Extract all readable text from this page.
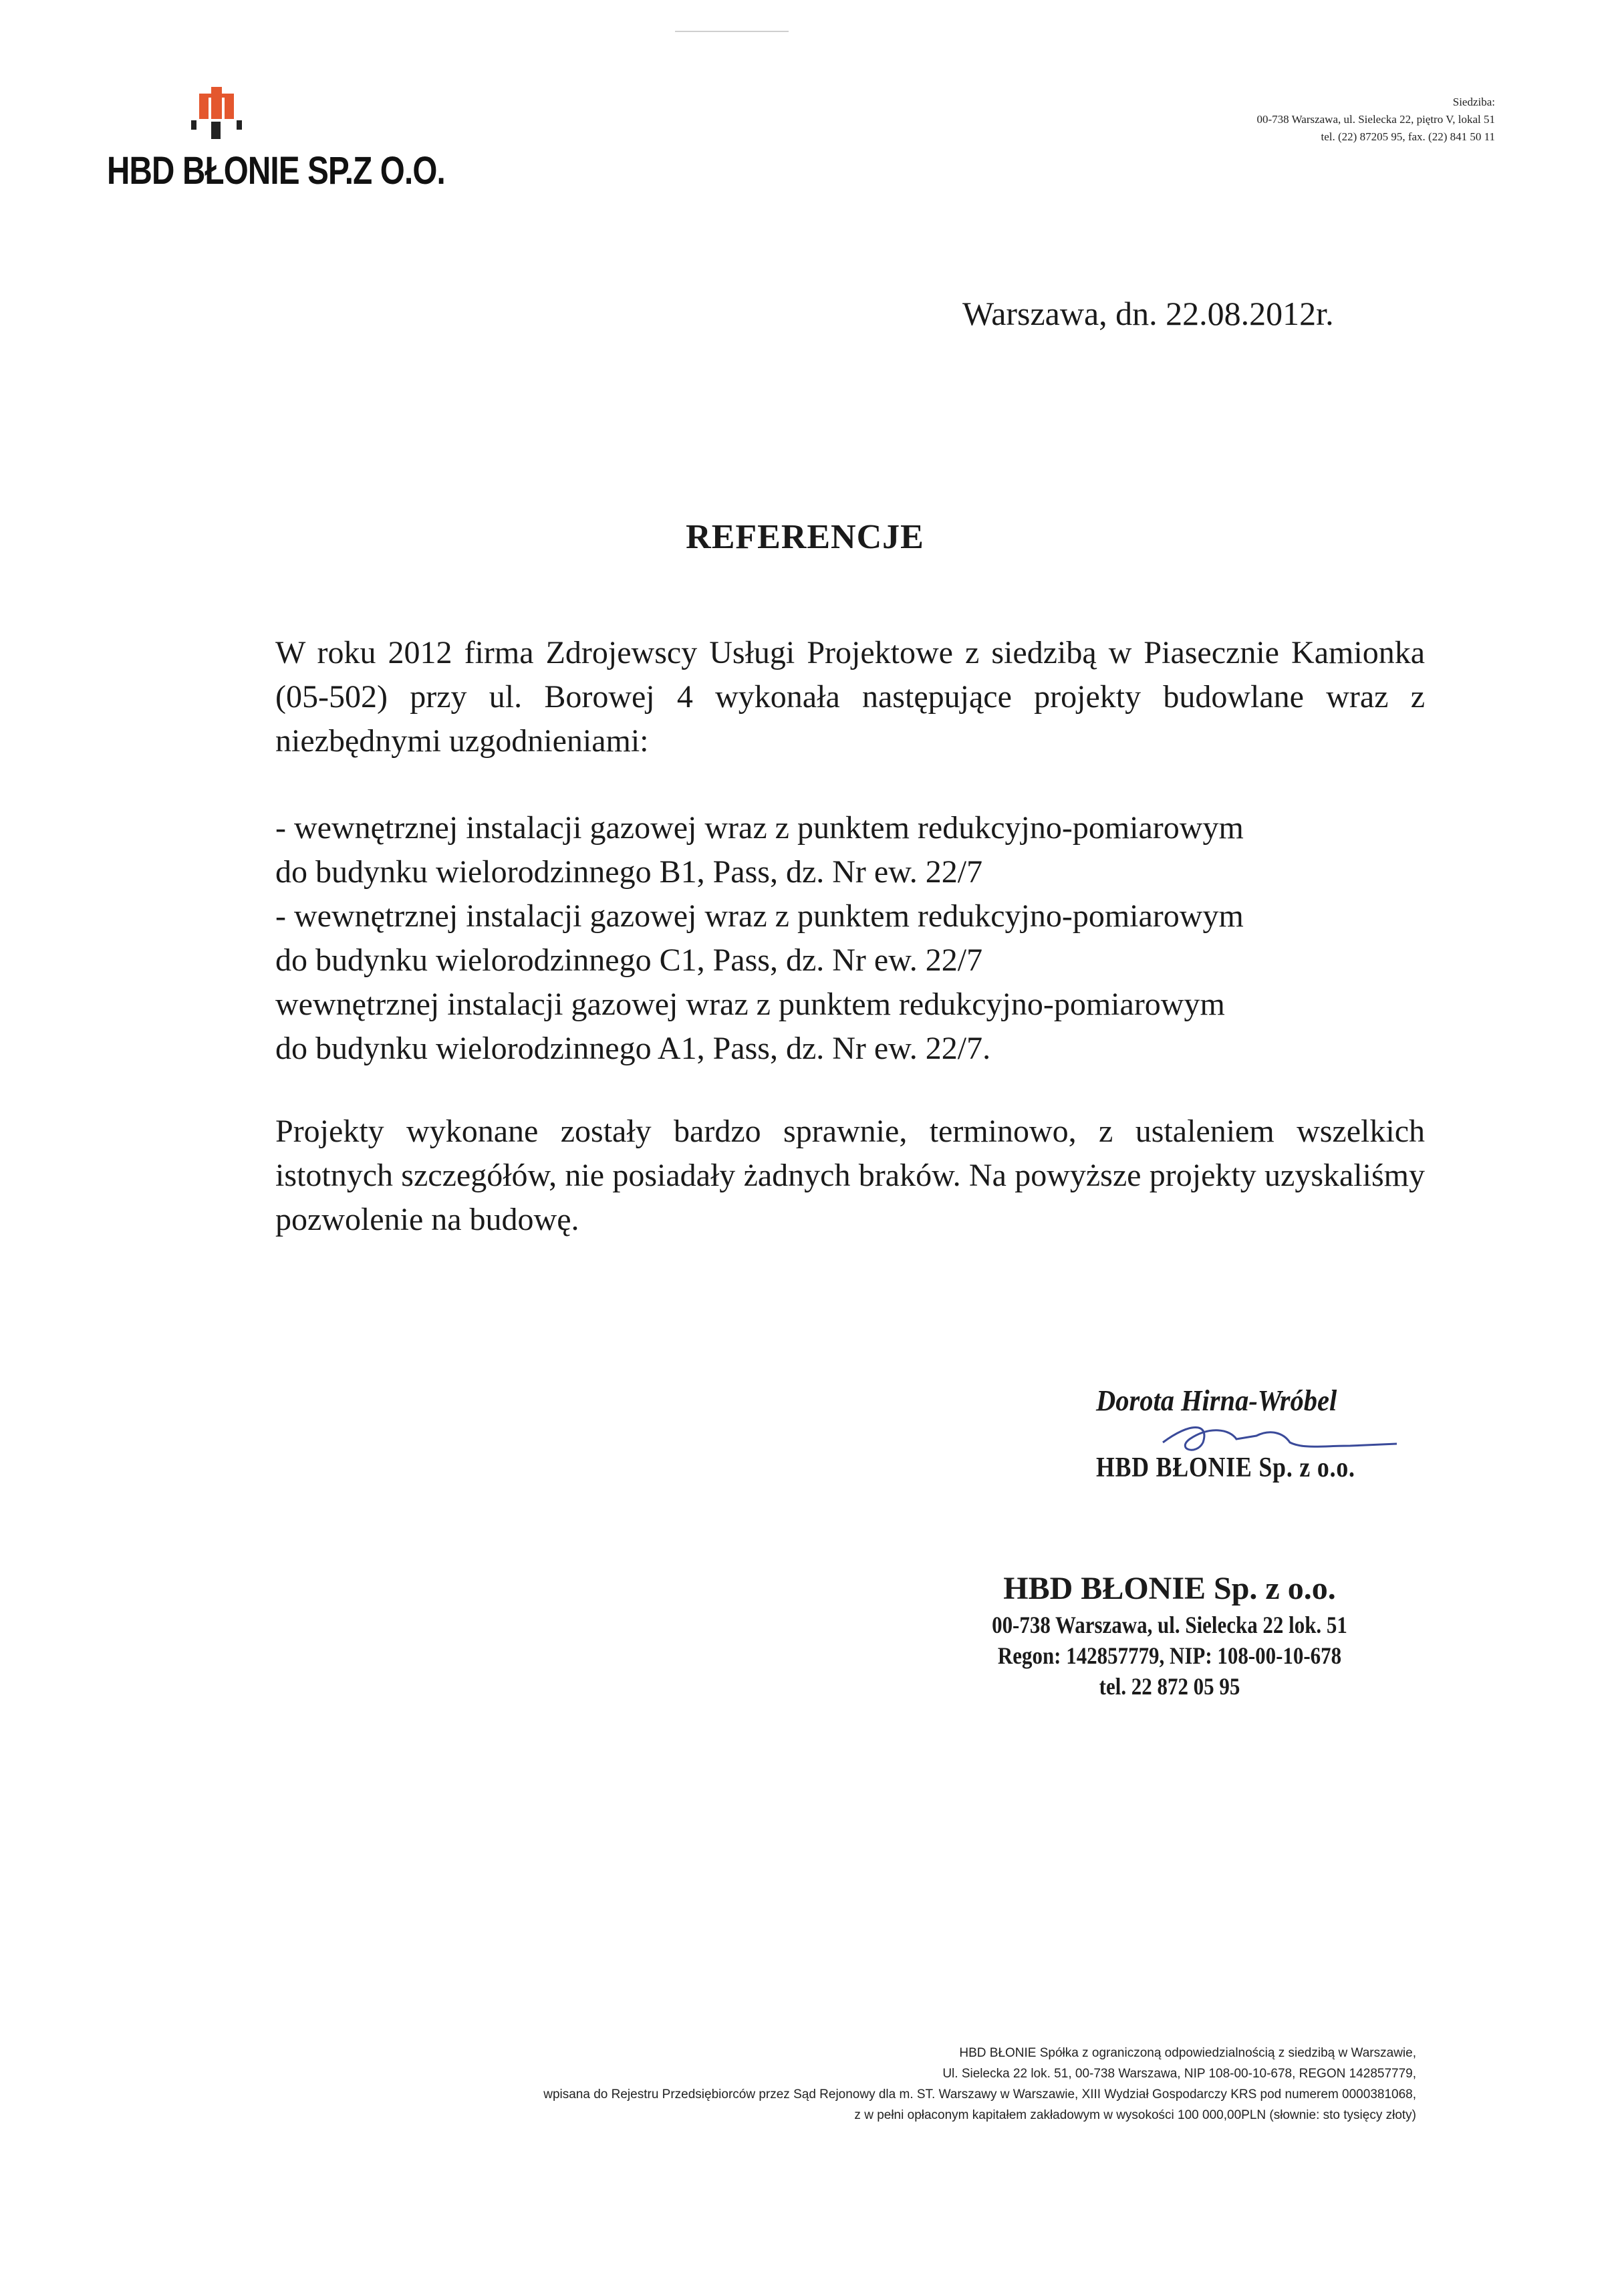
HBD BŁONIE SP.Z O.O.
Siedziba:
00-738 Warszawa, ul. Sielecka 22, piętro V, lokal 51
tel. (22) 87205 95, fax. (22) 841 50 11
Warszawa, dn. 22.08.2012r.
REFERENCJE
W roku 2012 firma Zdrojewscy Usługi Projektowe z siedzibą w Piasecznie Kamionka (05-502) przy ul. Borowej 4 wykonała następujące projekty budowlane wraz z niezbędnymi uzgodnieniami:
- wewnętrznej instalacji gazowej wraz z punktem redukcyjno-pomiarowym
do budynku wielorodzinnego B1, Pass, dz. Nr ew. 22/7
- wewnętrznej instalacji gazowej wraz z punktem redukcyjno-pomiarowym
do budynku wielorodzinnego C1, Pass, dz. Nr ew. 22/7
wewnętrznej instalacji gazowej wraz z punktem redukcyjno-pomiarowym
do budynku wielorodzinnego A1, Pass, dz. Nr ew. 22/7.
Projekty wykonane zostały bardzo sprawnie, terminowo, z ustaleniem wszelkich istotnych szczegółów, nie posiadały żadnych braków. Na powyższe projekty uzyskaliśmy pozwolenie na budowę.
Dorota Hirna-Wróbel
HBD BŁONIE Sp. z o.o.
HBD BŁONIE Sp. z o.o.
00-738 Warszawa, ul. Sielecka 22 lok. 51
Regon: 142857779, NIP: 108-00-10-678
tel. 22 872 05 95
HBD BŁONIE Spółka z ograniczoną odpowiedzialnością z siedzibą w Warszawie,
Ul. Sielecka 22 lok. 51, 00-738 Warszawa, NIP 108-00-10-678, REGON 142857779,
wpisana do Rejestru Przedsiębiorców przez Sąd Rejonowy dla m. ST. Warszawy w Warszawie, XIII Wydział Gospodarczy KRS pod numerem 0000381068,
z w pełni opłaconym kapitałem zakładowym w wysokości 100 000,00PLN (słownie: sto tysięcy złoty)
